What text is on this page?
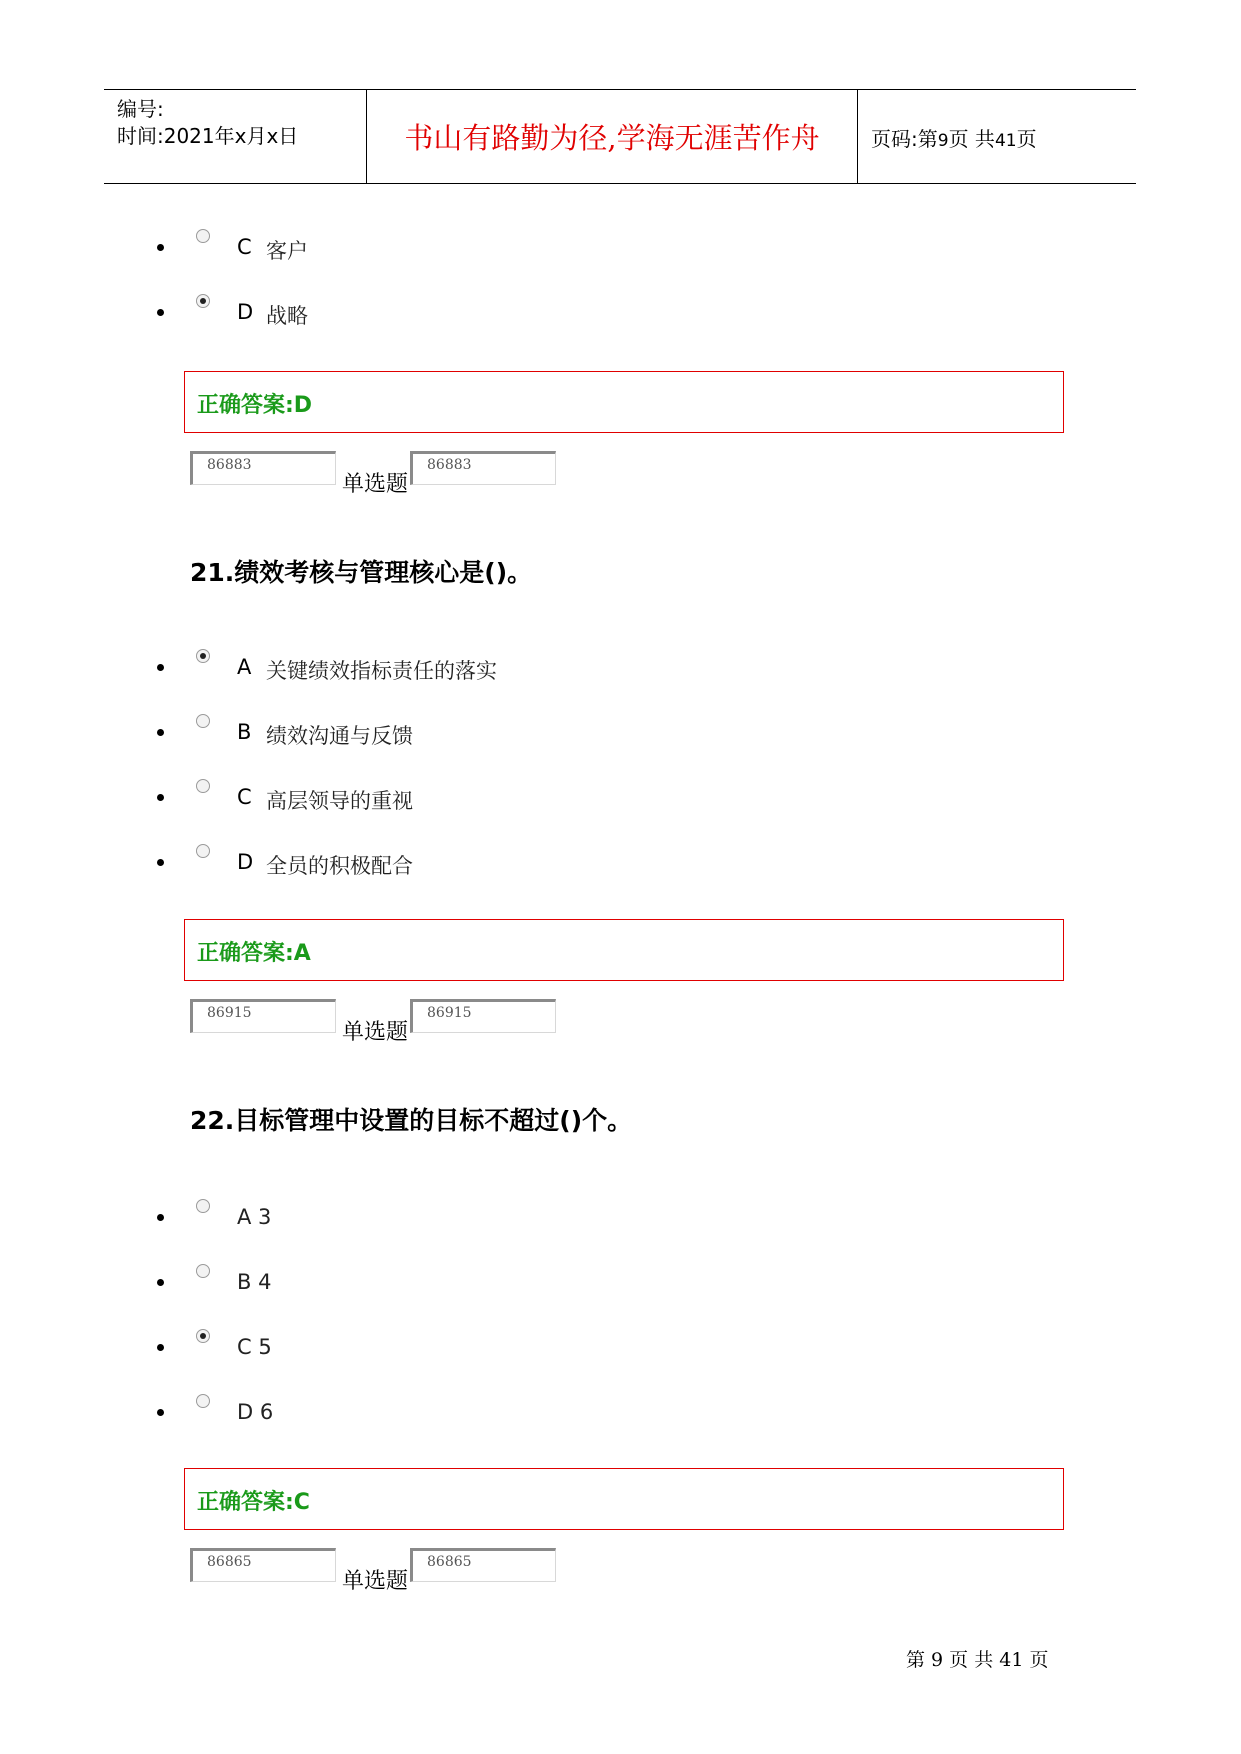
编号:
时间:2021年x月x日	书山有路勤为径,学海无涯苦作舟	页码:第9页 共41页
C 客户
D 战略
正确答案:D
86883
单选题
86883
21.绩效考核与管理核心是()。
A 关键绩效指标责任的落实
B 绩效沟通与反馈
C 高层领导的重视
D 全员的积极配合
正确答案:A
86915
单选题
86915
22.目标管理中设置的目标不超过()个。
A 3
B 4
C 5
D 6
正确答案:C
86865
单选题
86865
第 9 页 共 41 页
